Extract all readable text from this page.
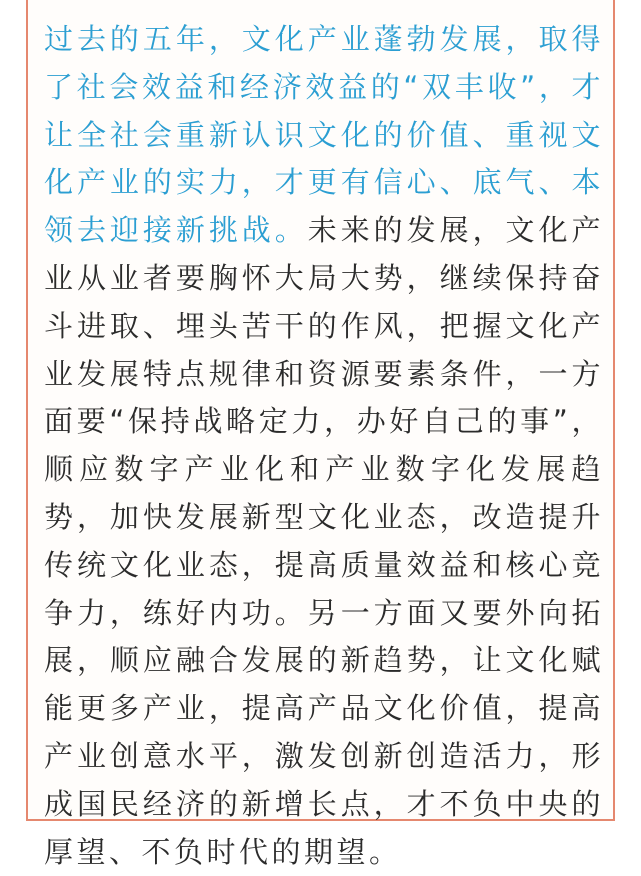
过去的五年，文化产业蓬勃发展，取得了社会效益和经济效益的“双丰收”，才让全社会重新认识文化的价值、重视文化产业的实力，才更有信心、底气、本领去迎接新挑战。未来的发展，文化产业从业者要胸怀大局大势，继续保持奋斗进取、埋头苦干的作风，把握文化产业发展特点规律和资源要素条件，一方面要“保持战略定力，办好自己的事”，顺应数字产业化和产业数字化发展趋势，加快发展新型文化业态，改造提升传统文化业态，提高质量效益和核心竞争力，练好内功。另一方面又要外向拓展，顺应融合发展的新趋势，让文化赋能更多产业，提高产品文化价值，提高产业创意水平，激发创新创造活力，形成国民经济的新增长点，才不负中央的厚望、不负时代的期望。
